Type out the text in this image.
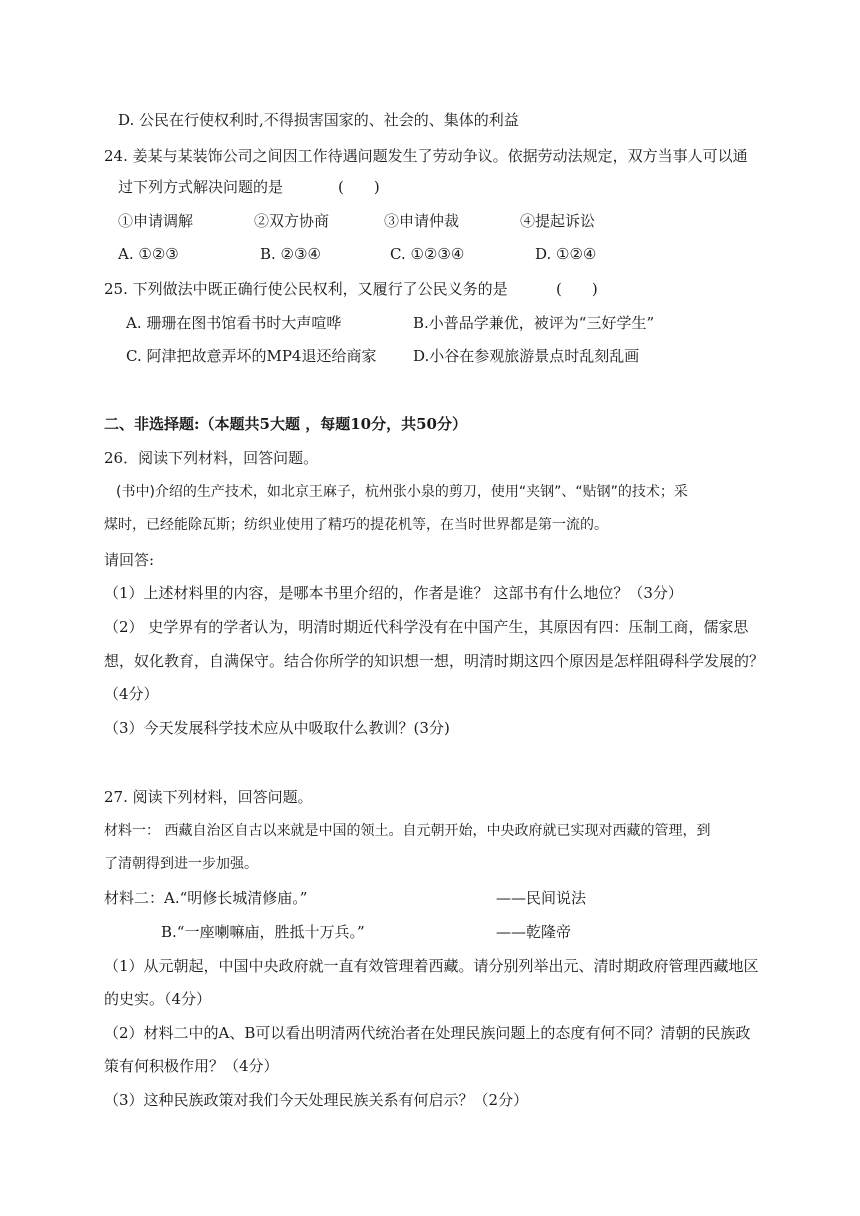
D. 公民在行使权利时,不得损害国家的、社会的、集体的利益
24. 姜某与某装饰公司之间因工作待遇问题发生了劳动争议。依据劳动法规定，双方当事人可以通
过下列方式解决问题的是	(　　)
①申请调解	②双方协商	③申请仲裁	④提起诉讼
A. ①②③	B. ②③④	C. ①②③④	D. ①②④
25. 下列做法中既正确行使公民权利，又履行了公民义务的是	(　　)
A. 珊珊在图书馆看书时大声喧哗	B.小普品学兼优，被评为“三好学生”
C. 阿津把故意弄坏的MP4退还给商家 D.小谷在参观旅游景点时乱刻乱画
二、非选择题:（本题共5大题 ，每题10分，共50分）
26．阅读下列材料，回答问题。
(书中)介绍的生产技术，如北京王麻子，杭州张小泉的剪刀，使用“夹钢”、“贴钢”的技术；采
煤时，已经能除瓦斯；纺织业使用了精巧的提花机等，在当时世界都是第一流的。
请回答:
（1）上述材料里的内容，是哪本书里介绍的，作者是谁？ 这部书有什么地位？（3分）
（2） 史学界有的学者认为，明清时期近代科学没有在中国产生，其原因有四：压制工商，儒家思
想，奴化教育，自满保守。结合你所学的知识想一想，明清时期这四个原因是怎样阻碍科学发展的？
（4分）
（3）今天发展科学技术应从中吸取什么教训？(3分)
27. 阅读下列材料，回答问题。
材料一： 西藏自治区自古以来就是中国的领土。自元朝开始，中央政府就已实现对西藏的管理，到
了清朝得到进一步加强。
材料二：A.“明修长城清修庙。”	——民间说法
B.“一座喇嘛庙，胜抵十万兵。”	——乾隆帝
（1）从元朝起，中国中央政府就一直有效管理着西藏。请分别列举出元、清时期政府管理西藏地区
的史实。（4分）
（2）材料二中的A、B可以看出明清两代统治者在处理民族问题上的态度有何不同？清朝的民族政
策有何积极作用？（4分）
（3）这种民族政策对我们今天处理民族关系有何启示？（2分）
